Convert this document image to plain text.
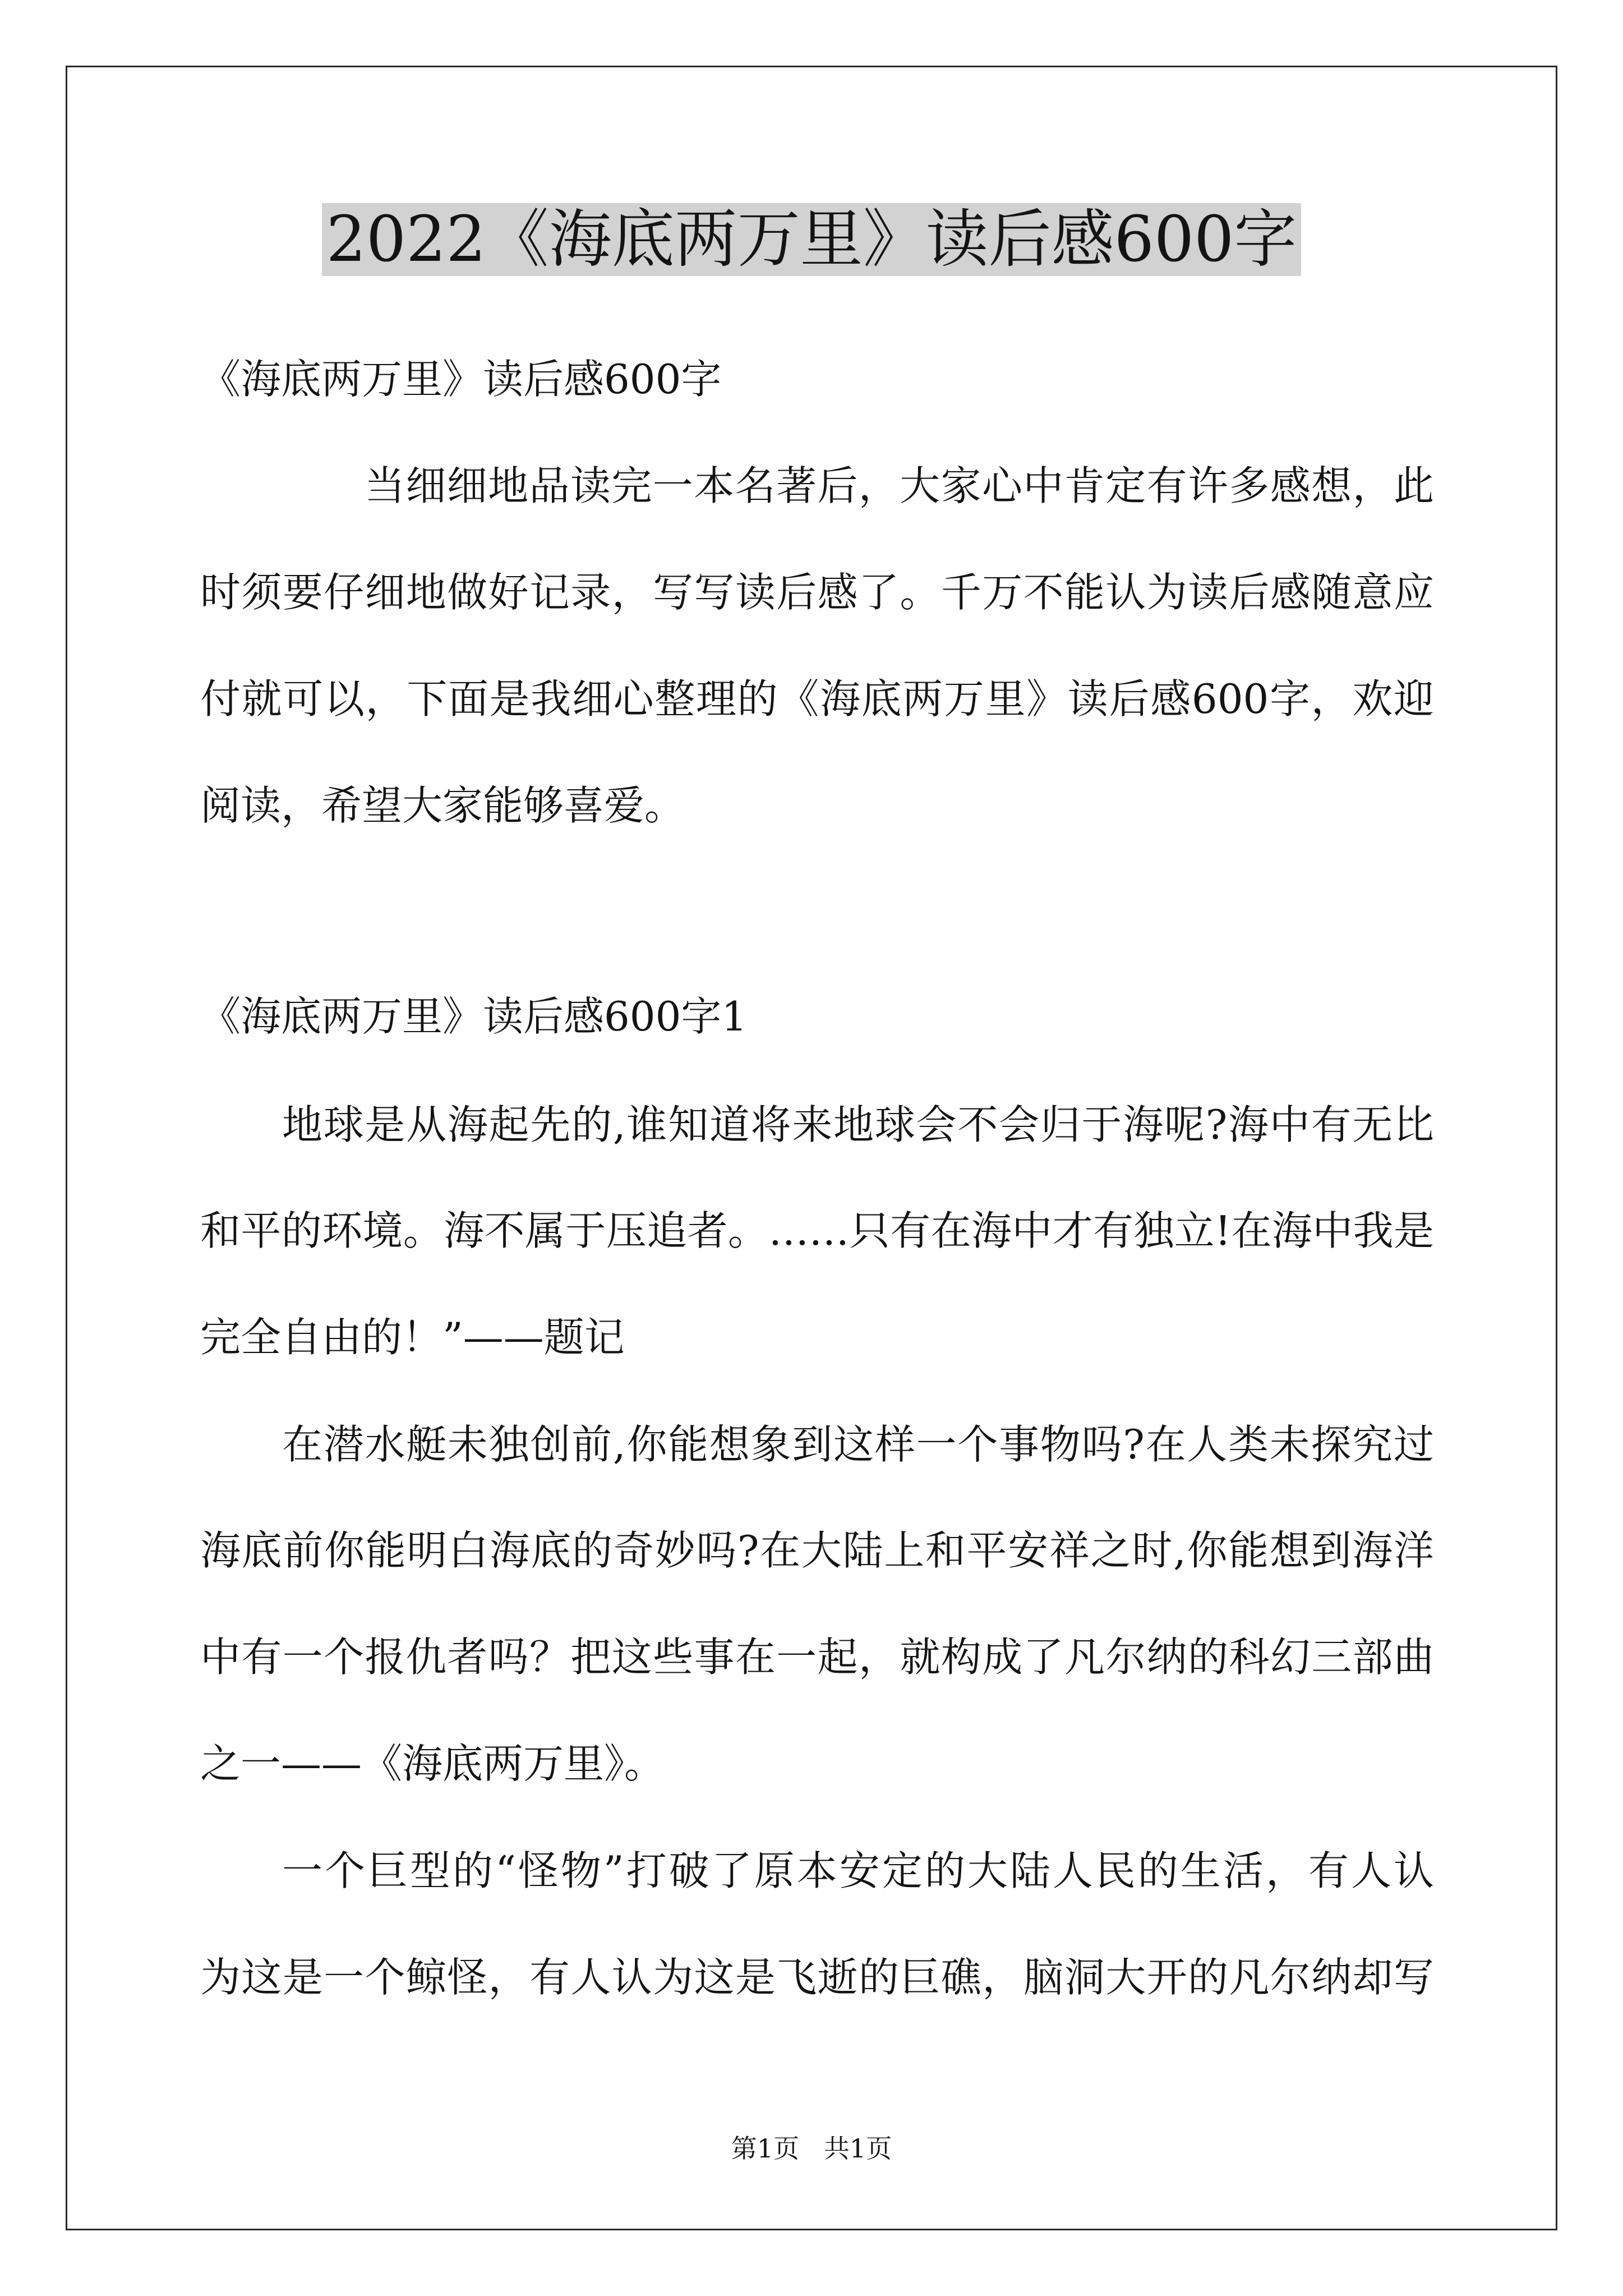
2022《海底两万里》读后感600字
《海底两万里》读后感600字
当细细地品读完一本名著后，大家心中肯定有许多感想，此
时须要仔细地做好记录，写写读后感了。千万不能认为读后感随意应
付就可以，下面是我细心整理的《海底两万里》读后感600字，欢迎
阅读，希望大家能够喜爱。
《海底两万里》读后感600字1
地球是从海起先的,谁知道将来地球会不会归于海呢?海中有无比
和平的环境。海不属于压追者。……只有在海中才有独立!在海中我是
完全自由的！”——题记
在潜水艇未独创前,你能想象到这样一个事物吗?在人类未探究过
海底前你能明白海底的奇妙吗?在大陆上和平安祥之时,你能想到海洋
中有一个报仇者吗？把这些事在一起，就构成了凡尔纳的科幻三部曲
之一——《海底两万里》。
一个巨型的“怪物”打破了原本安定的大陆人民的生活，有人认
为这是一个鲸怪，有人认为这是飞逝的巨礁，脑洞大开的凡尔纳却写
第1页   共1页
